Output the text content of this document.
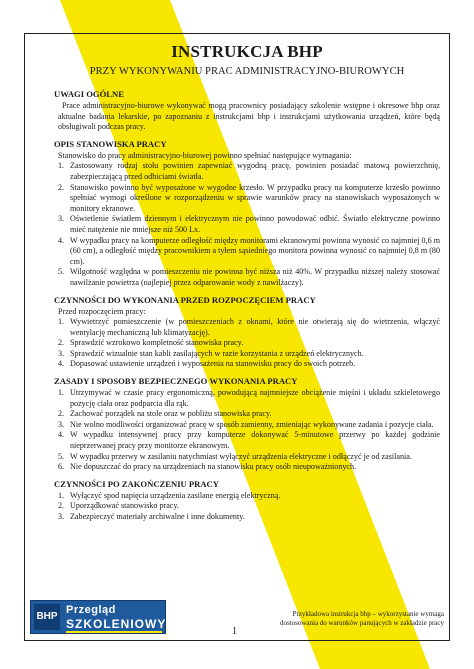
INSTRUKCJA BHP
PRZY WYKONYWANIU PRAC ADMINISTRACYJNO-BIUROWYCH
UWAGI OGÓLNE

Prace administracyjno-biurowe wykonywać mogą pracownicy posiadający szkolenie wstępne i okresowe bhp oraz aktualne badania lekarskie, po zapoznaniu z instrukcjami bhp i instrukcjami użytkowania urządzeń, które będą obsługiwali podczas pracy.

OPIS STANOWISKA PRACY
Stanowisko do pracy administracyjno-biurowej powinno spełniać następujące wymagania:
1. Zastosowany rodzaj stołu powinien zapewniać wygodną pracę, powinien posiadać matową powierzchnię, zabezpieczającą przed odbiciami światła.
2. Stanowisko powinno być wyposażone w wygodne krzesło. W przypadku pracy na komputerze krzesło powinno spełniać wymogi określone w rozporządzeniu w sprawie warunków pracy na stanowiskach wyposażonych w monitory ekranowe.
3. Oświetlenie światłem dziennym i elektrycznym nie powinno powodować odbić. Światło elektryczne powinno mieć natężenie nie mniejsze niż 500 Lx.
4. W wypadku pracy na komputerze odległość między monitorami ekranowymi powinna wynosić co najmniej 0,6 m (60 cm), a odległość między pracownikiem a tyłem sąsiedniego monitora powinna wynosić co najmniej 0,8 m (80 cm).
5. Wilgotność względna w pomieszczeniu nie powinna być niższa niż 40%. W przypadku niższej należy stosować nawilżanie powietrza (najlepiej przez odparowanie wody z nawilżaczy).
CZYNNOŚCI DO WYKONANIA PRZED ROZPOCZĘCIEM PRACY
Przed rozpoczęciem pracy:
1. Wywietrzyć pomieszczenie (w pomieszczeniach z oknami, które nie otwierają się do wietrzenia, włączyć wentylację mechaniczną lub klimatyzację).
2. Sprawdzić wzrokowo kompletność stanowiska pracy.
3. Sprawdzić wizualnie stan kabli zasilających w razie korzystania z urządzeń elektrycznych.
4. Dopasować ustawienie urządzeń i wyposażenia na stanowisku pracy do swoich potrzeb.
ZASADY I SPOSOBY BEZPIECZNEGO WYKONANIA PRACY
1. Utrzymywać w czasie pracy ergonomiczną, powodującą najmniejsze obciążenie mięśni i układu szkieletowego pozycję ciała oraz podparcia dla rąk.
2. Zachować porządek na stole oraz w pobliżu stanowiska pracy.
3. Nie wolno modliwości organizować pracę w sposób zamienny, zmieniając wykonywane zadania i pozycje ciała.
4. W wypadku intensywnej pracy przy komputerze dokonywać 5-minutowe przerwy po każdej godzinie nieprzerwanej pracy przy monitorze ekranowym.
5. W wypadku przerwy w zasilaniu natychmiast wyłączyć urządzenia elektryczne i odłączyć je od zasilania.
6. Nie dopuszczać do pracy na urządzeniach na stanowisku pracy osób nieupoważnionych.
CZYNNOŚCI PO ZAKOŃCZENIU PRACY
1. Wyłączyć spod napięcia urządzenia zasilane energią elektryczną.
2. Uporządkować stanowisko pracy.
3. Zabezpieczyć materiały archiwalne i inne dokumenty.
BHP
Przegląd
SZKOLENIOWY
1
Przykładowa instrukcja bhp – wykorzystanie wymaga
dostosowania do warunków panujących w zakładzie pracy
